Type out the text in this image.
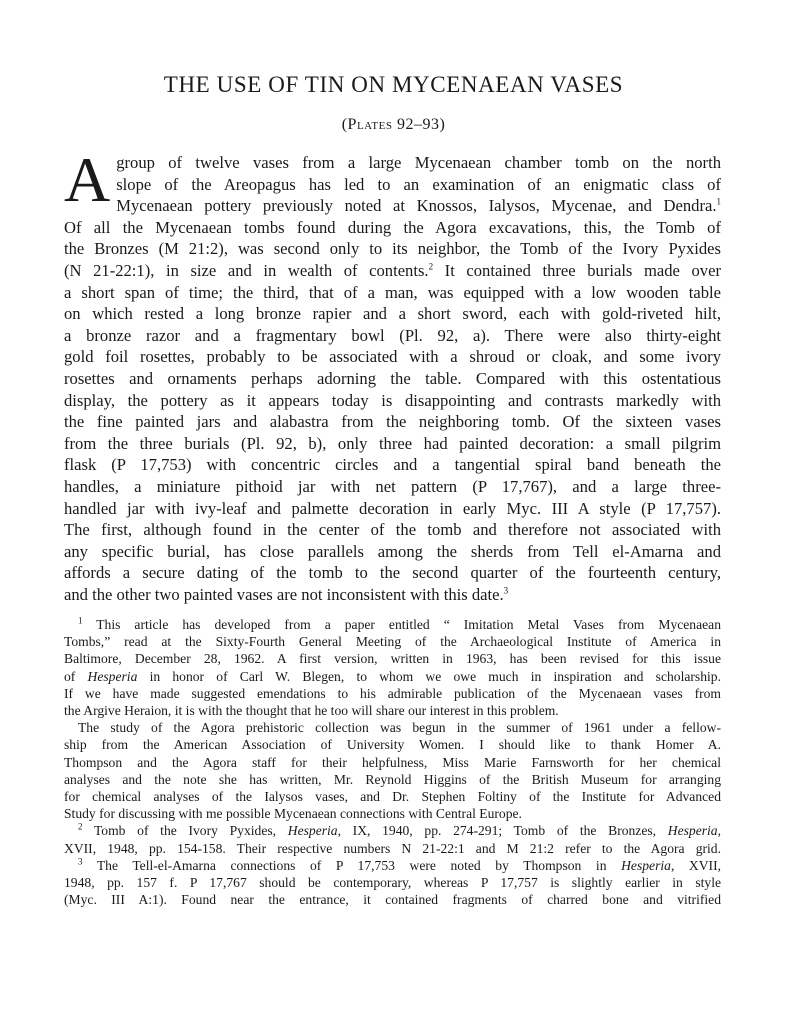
THE USE OF TIN ON MYCENAEAN VASES
(Plates 92–93)
A group of twelve vases from a large Mycenaean chamber tomb on the north
slope of the Areopagus has led to an examination of an enigmatic class of
Mycenaean pottery previously noted at Knossos, Ialysos, Mycenae, and Dendra.$^1$
Of all the Mycenaean tombs found during the Agora excavations, this, the Tomb of
the Bronzes (M 21:2), was second only to its neighbor, the Tomb of the Ivory Pyxides
(N 21-22:1), in size and in wealth of contents.$^2$ It contained three burials made over
a short span of time; the third, that of a man, was equipped with a low wooden table
on which rested a long bronze rapier and a short sword, each with gold-riveted hilt,
a bronze razor and a fragmentary bowl (Pl. 92, a). There were also thirty-eight
gold foil rosettes, probably to be associated with a shroud or cloak, and some ivory
rosettes and ornaments perhaps adorning the table. Compared with this ostentatious
display, the pottery as it appears today is disappointing and contrasts markedly with
the fine painted jars and alabastra from the neighboring tomb. Of the sixteen vases
from the three burials (Pl. 92, b), only three had painted decoration: a small pilgrim
flask (P 17,753) with concentric circles and a tangential spiral band beneath the
handles, a miniature pithoid jar with net pattern (P 17,767), and a large three-
handled jar with ivy-leaf and palmette decoration in early Myc. III A style (P 17,757).
The first, although found in the center of the tomb and therefore not associated with
any specific burial, has close parallels among the sherds from Tell el-Amarna and
affords a secure dating of the tomb to the second quarter of the fourteenth century,
and the other two painted vases are not inconsistent with this date.$^3$
$^1$ This article has developed from a paper entitled “ Imitation Metal Vases from Mycenaean
Tombs,” read at the Sixty-Fourth General Meeting of the Archaeological Institute of America in
Baltimore, December 28, 1962. A first version, written in 1963, has been revised for this issue
of Hesperia in honor of Carl W. Blegen, to whom we owe much in inspiration and scholarship.
If we have made suggested emendations to his admirable publication of the Mycenaean vases from
the Argive Heraion, it is with the thought that he too will share our interest in this problem.
The study of the Agora prehistoric collection was begun in the summer of 1961 under a fellow-
ship from the American Association of University Women. I should like to thank Homer A.
Thompson and the Agora staff for their helpfulness, Miss Marie Farnsworth for her chemical
analyses and the note she has written, Mr. Reynold Higgins of the British Museum for arranging
for chemical analyses of the Ialysos vases, and Dr. Stephen Foltiny of the Institute for Advanced
Study for discussing with me possible Mycenaean connections with Central Europe.
$^2$ Tomb of the Ivory Pyxides, Hesperia, IX, 1940, pp. 274-291; Tomb of the Bronzes, Hesperia,
XVII, 1948, pp. 154-158. Their respective numbers N 21-22:1 and M 21:2 refer to the Agora grid.
$^3$ The Tell-el-Amarna connections of P 17,753 were noted by Thompson in Hesperia, XVII,
1948, pp. 157 f. P 17,767 should be contemporary, whereas P 17,757 is slightly earlier in style
(Myc. III A:1). Found near the entrance, it contained fragments of charred bone and vitrified
